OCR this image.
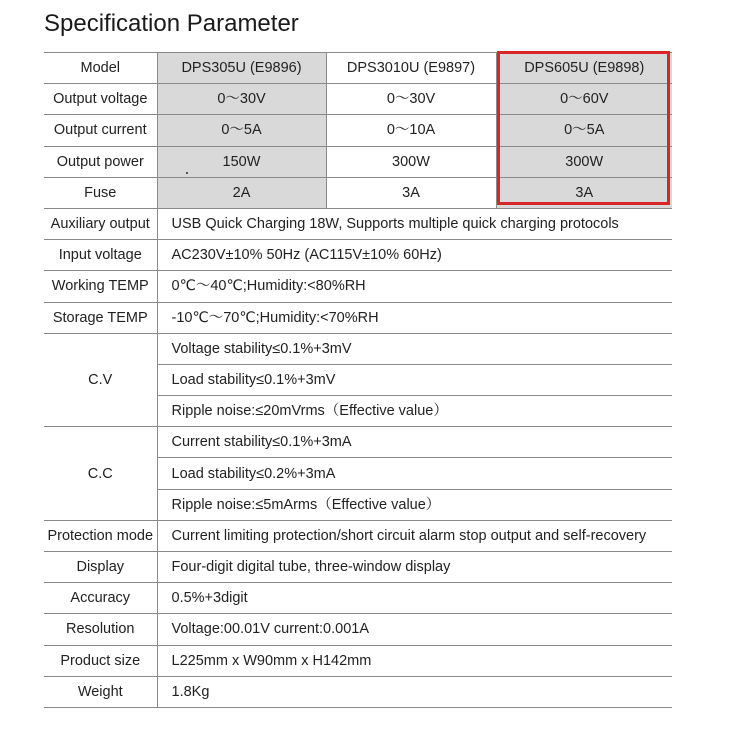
Specification Parameter
Model	DPS305U (E9896)	DPS3010U (E9897)	DPS605U (E9898)
Output voltage	0～30V	0～30V	0～60V
Output current	0～5A	0～10A	0～5A
Output power	150W	300W	300W
Fuse	2A	3A	3A
Auxiliary output	USB Quick Charging 18W, Supports multiple quick charging protocols		
Input voltage	AC230V±10% 50Hz (AC115V±10% 60Hz)		
Working TEMP	0℃～40℃;Humidity:<80%RH		
Storage TEMP	-10℃～70℃;Humidity:<70%RH		
C.V	Voltage stability≤0.1%+3mV		
	Load stability≤0.1%+3mV		
	Ripple noise:≤20mVrms（Effective value）		
C.C	Current stability≤0.1%+3mA		
	Load stability≤0.2%+3mA		
	Ripple noise:≤5mArms（Effective value）		
Protection mode	Current limiting protection/short circuit alarm stop output and self-recovery		
Display	Four-digit digital tube, three-window display		
Accuracy	0.5%+3digit		
Resolution	Voltage:00.01V current:0.001A		
Product size	L225mm x W90mm x H142mm		
Weight	1.8Kg		
